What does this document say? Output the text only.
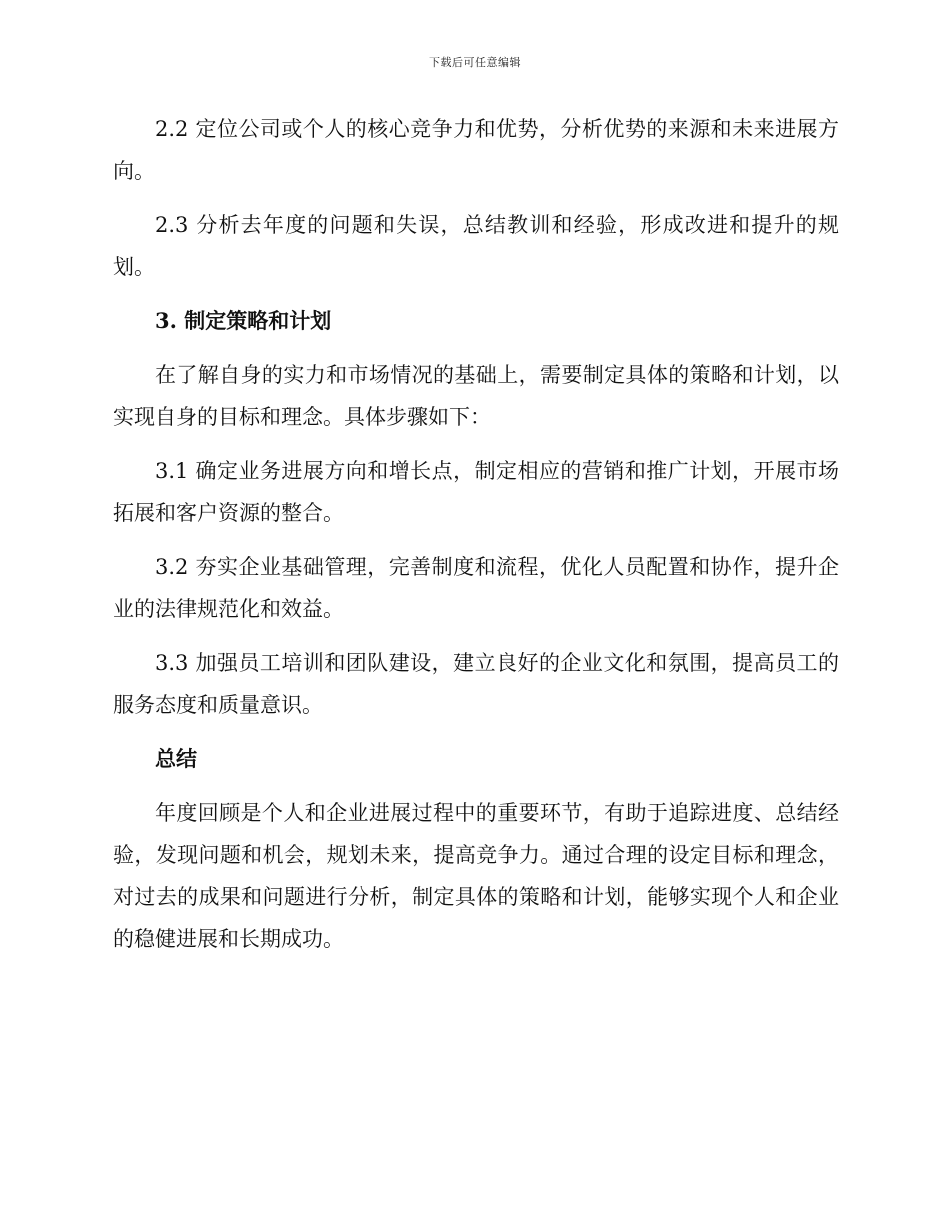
下载后可任意编辑

2.2 定位公司或个人的核心竞争力和优势，分析优势的来源和未来进展方向。

2.3 分析去年度的问题和失误，总结教训和经验，形成改进和提升的规划。

3. 制定策略和计划

在了解自身的实力和市场情况的基础上，需要制定具体的策略和计划，以实现自身的目标和理念。具体步骤如下：

3.1 确定业务进展方向和增长点，制定相应的营销和推广计划，开展市场拓展和客户资源的整合。

3.2 夯实企业基础管理，完善制度和流程，优化人员配置和协作，提升企业的法律规范化和效益。

3.3 加强员工培训和团队建设，建立良好的企业文化和氛围，提高员工的服务态度和质量意识。

总结

年度回顾是个人和企业进展过程中的重要环节，有助于追踪进度、总结经验，发现问题和机会，规划未来，提高竞争力。通过合理的设定目标和理念，对过去的成果和问题进行分析，制定具体的策略和计划，能够实现个人和企业的稳健进展和长期成功。
